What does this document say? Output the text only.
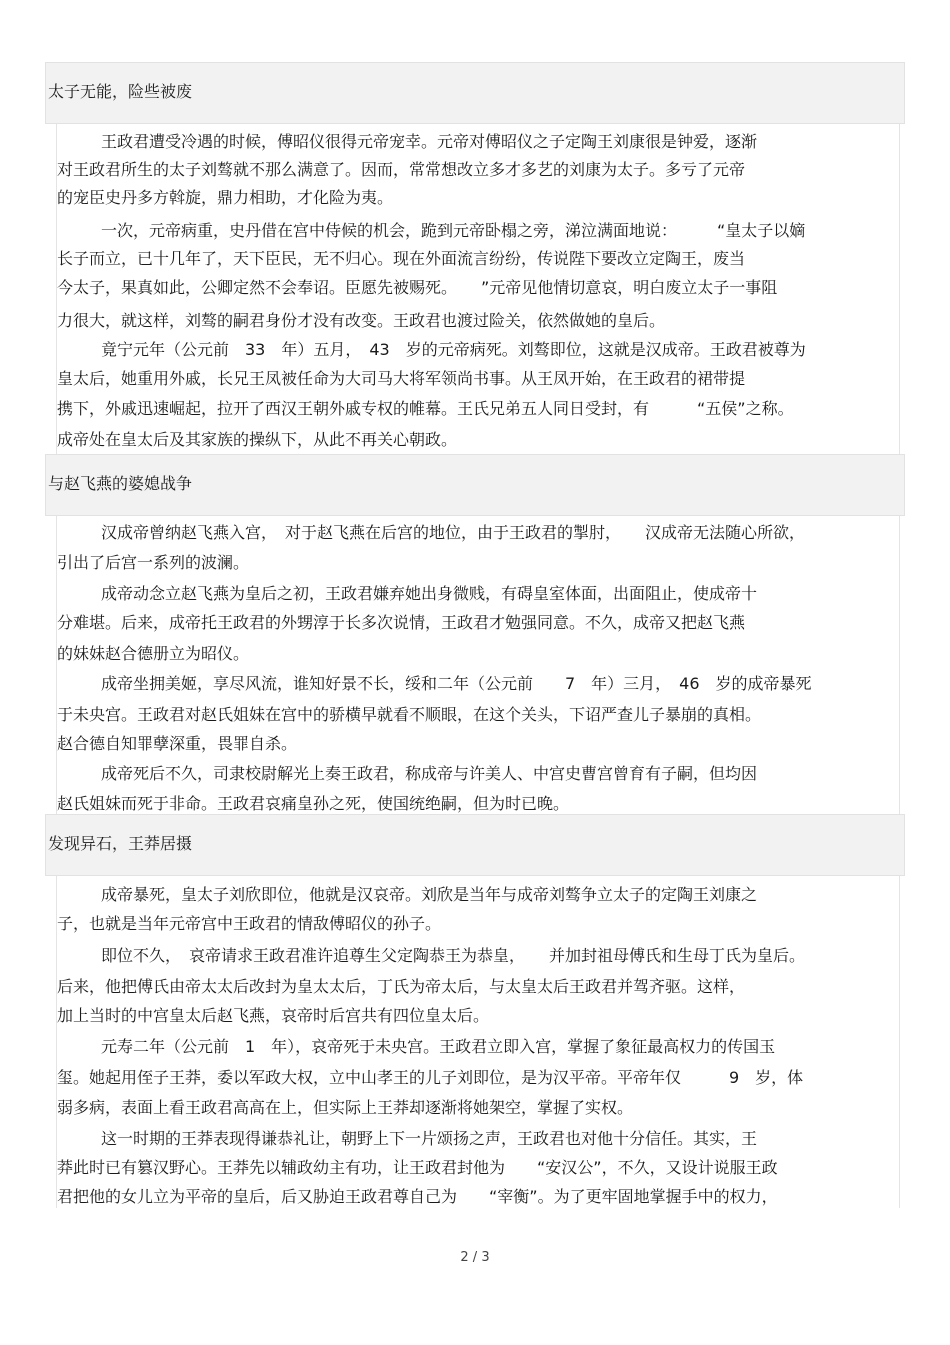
太子无能，险些被废
王政君遭受冷遇的时候，傅昭仪很得元帝宠幸。元帝对傅昭仪之子定陶王刘康很是钟爱，逐渐
对王政君所生的太子刘骜就不那么满意了。因而，常常想改立多才多艺的刘康为太子。多亏了元帝
的宠臣史丹多方斡旋，鼎力相助，才化险为夷。
一次，元帝病重，史丹借在宫中侍候的机会，跪到元帝卧榻之旁，涕泣满面地说：　　　“皇太子以嫡
长子而立，已十几年了，天下臣民，无不归心。现在外面流言纷纷，传说陛下要改立定陶王，废当
今太子，果真如此，公卿定然不会奉诏。臣愿先被赐死。　　”元帝见他情切意哀，明白废立太子一事阻
力很大，就这样，刘骜的嗣君身份才没有改变。王政君也渡过险关，依然做她的皇后。
竟宁元年（公元前　33　年）五月，　43　岁的元帝病死。刘骜即位，这就是汉成帝。王政君被尊为
皇太后，她重用外戚，长兄王凤被任命为大司马大将军领尚书事。从王凤开始，在王政君的裙带提
携下，外戚迅速崛起，拉开了西汉王朝外戚专权的帷幕。王氏兄弟五人同日受封，有　　　“五侯”之称。
成帝处在皇太后及其家族的操纵下，从此不再关心朝政。
与赵飞燕的婆媳战争
汉成帝曾纳赵飞燕入宫，　对于赵飞燕在后宫的地位，由于王政君的掣肘，　　汉成帝无法随心所欲，
引出了后宫一系列的波澜。
成帝动念立赵飞燕为皇后之初，王政君嫌弃她出身微贱，有碍皇室体面，出面阻止，使成帝十
分难堪。后来，成帝托王政君的外甥淳于长多次说情，王政君才勉强同意。不久，成帝又把赵飞燕
的妹妹赵合德册立为昭仪。
成帝坐拥美姬，享尽风流，谁知好景不长，绥和二年（公元前　　7　年）三月，　46　岁的成帝暴死
于未央宫。王政君对赵氏姐妹在宫中的骄横早就看不顺眼，在这个关头，下诏严查儿子暴崩的真相。
赵合德自知罪孽深重，畏罪自杀。
成帝死后不久，司隶校尉解光上奏王政君，称成帝与许美人、中宫史曹宫曾育有子嗣，但均因
赵氏姐妹而死于非命。王政君哀痛皇孙之死，使国统绝嗣，但为时已晚。
发现异石，王莽居摄
成帝暴死，皇太子刘欣即位，他就是汉哀帝。刘欣是当年与成帝刘骜争立太子的定陶王刘康之
子，也就是当年元帝宫中王政君的情敌傅昭仪的孙子。
即位不久，　哀帝请求王政君准许追尊生父定陶恭王为恭皇，　　并加封祖母傅氏和生母丁氏为皇后。
后来，他把傅氏由帝太太后改封为皇太太后，丁氏为帝太后，与太皇太后王政君并驾齐驱。这样，
加上当时的中宫皇太后赵飞燕，哀帝时后宫共有四位皇太后。
元寿二年（公元前　1　年），哀帝死于未央宫。王政君立即入宫，掌握了象征最高权力的传国玉
玺。她起用侄子王莽，委以军政大权，立中山孝王的儿子刘即位，是为汉平帝。平帝年仅　　　9　岁，体
弱多病，表面上看王政君高高在上，但实际上王莽却逐渐将她架空，掌握了实权。
这一时期的王莽表现得谦恭礼让，朝野上下一片颂扬之声，王政君也对他十分信任。其实，王
莽此时已有篡汉野心。王莽先以辅政幼主有功，让王政君封他为　　“安汉公”，不久，又设计说服王政
君把他的女儿立为平帝的皇后，后又胁迫王政君尊自己为　　“宰衡”。为了更牢固地掌握手中的权力，
2 / 3
